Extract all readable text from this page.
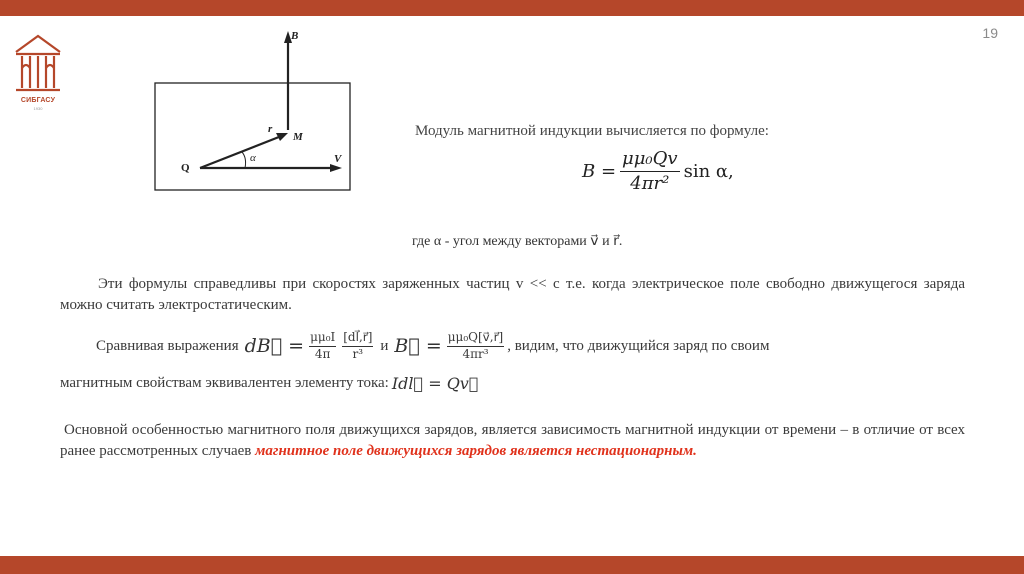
19
СИБГАСУ
1930
B
r
M
α
Q
V
Модуль магнитной индукции вычисляется по формуле:
$B = \frac{\text{μμ₀Qv}}{\text{4πr²}}$ sin α,
где α - угол между векторами v⃗ и r⃗.
Эти формулы справедливы при скоростях заряженных частиц v << c т.е. когда электрическое поле свободно движущегося заряда можно считать электростатическим.
Сравнивая выражения dB⃗ = $\frac{\text{μμ₀I}}{4\pi} \frac{[dl⃗,r⃗]}{\text{r³}}$ и B⃗ = $\frac{\text{μμ₀Q[v⃗,r⃗]}}{\text{4πr³}}$ , видим, что движущийся заряд по своим
магнитным свойствам эквивалентен элементу тока: Idl⃗ = Qv⃗
Основной особенностью магнитного поля движущихся зарядов, является зависимость магнитной индукции от времени – в отличие от всех ранее рассмотренных случаев магнитное поле движущихся зарядов является нестационарным.
